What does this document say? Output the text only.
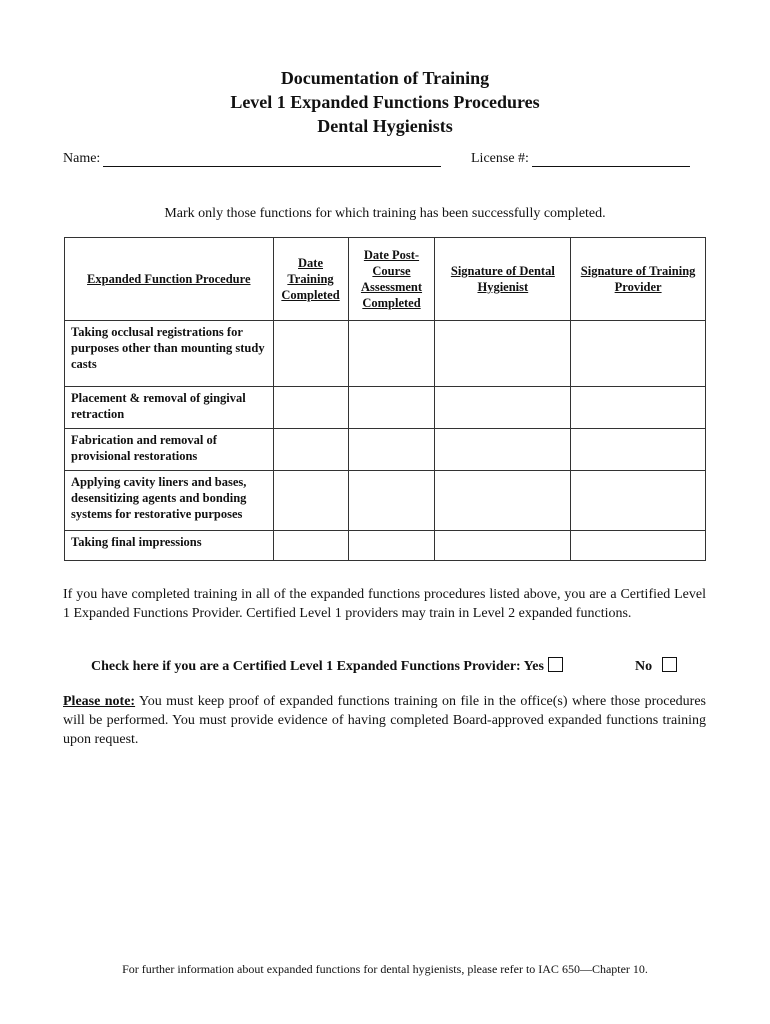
Documentation of Training
Level 1 Expanded Functions Procedures
Dental Hygienists
Name:	License #:
Mark only those functions for which training has been successfully completed.
Expanded Function Procedure	Date Training Completed	Date Post-Course Assessment Completed	Signature of Dental Hygienist	Signature of Training Provider
Taking occlusal registrations for purposes other than mounting study casts				
Placement & removal of gingival retraction				
Fabrication and removal of provisional restorations				
Applying cavity liners and bases, desensitizing agents and bonding systems for restorative purposes				
Taking final impressions				
If you have completed training in all of the expanded functions procedures listed above, you are a Certified Level 1 Expanded Functions Provider. Certified Level 1 providers may train in Level 2 expanded functions.
Check here if you are a Certified Level 1 Expanded Functions Provider: Yes	No
Please note: You must keep proof of expanded functions training on file in the office(s) where those procedures will be performed. You must provide evidence of having completed Board-approved expanded functions training upon request.
For further information about expanded functions for dental hygienists, please refer to IAC 650—Chapter 10.
